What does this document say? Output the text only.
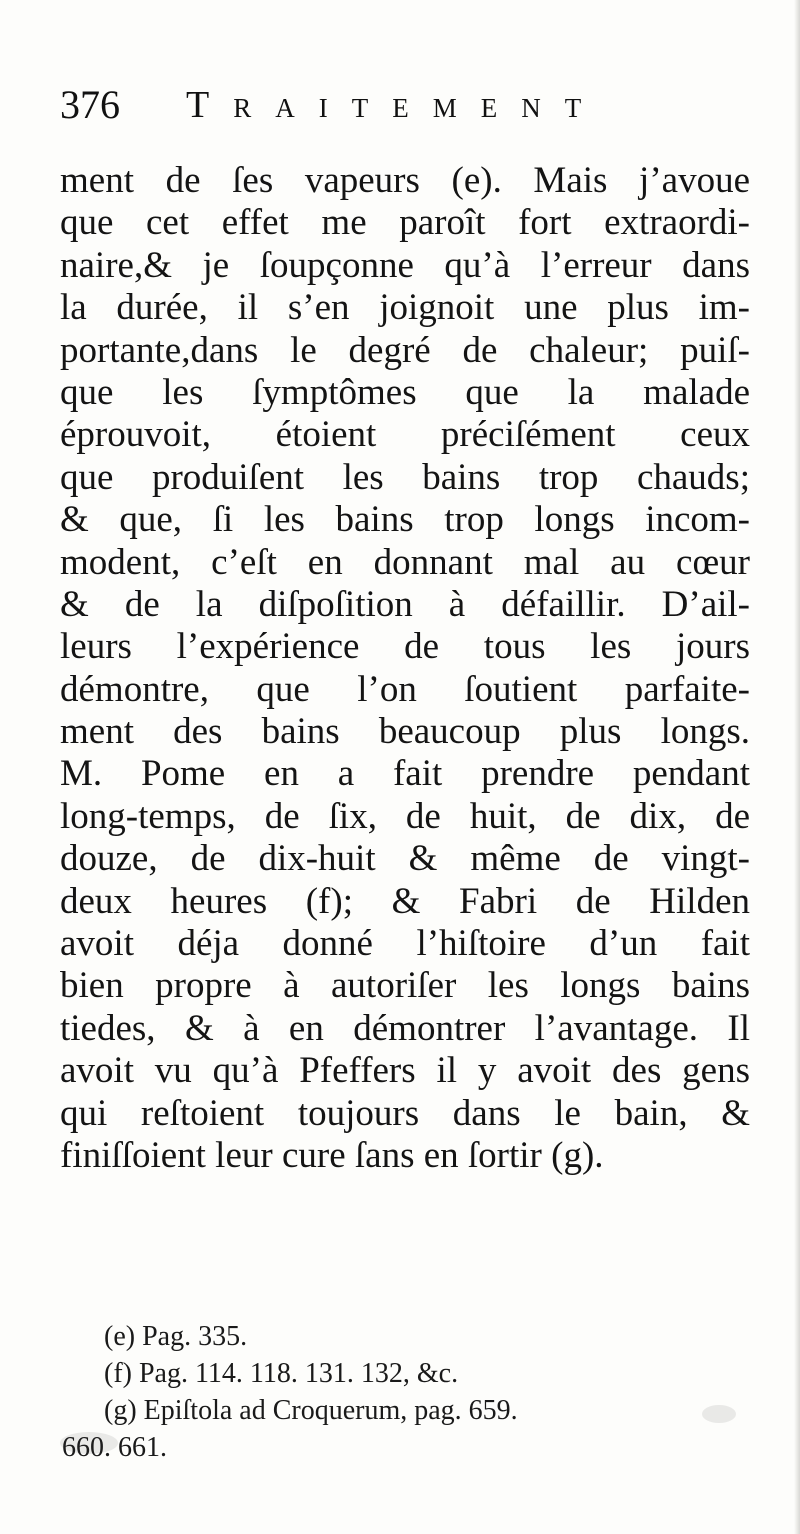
376 Traitement
ment de ſes vapeurs (e). Mais j’avoue
que cet effet me paroît fort extraordi-
naire,& je ſoupçonne qu’à l’erreur dans
la durée, il s’en joignoit une plus im-
portante,dans le degré de chaleur; puiſ-
que les ſymptômes que la malade
éprouvoit, étoient préciſément ceux
que produiſent les bains trop chauds;
& que, ſi les bains trop longs incom-
modent, c’eſt en donnant mal au cœur
& de la diſpoſition à défaillir. D’ail-
leurs l’expérience de tous les jours
démontre, que l’on ſoutient parfaite-
ment des bains beaucoup plus longs.
M. Pome en a fait prendre pendant
long-temps, de ſix, de huit, de dix, de
douze, de dix-huit & même de vingt-
deux heures (f); & Fabri de Hilden
avoit déja donné l’hiſtoire d’un fait
bien propre à autoriſer les longs bains
tiedes, & à en démontrer l’avantage. Il
avoit vu qu’à Pfeffers il y avoit des gens
qui reſtoient toujours dans le bain, &
finiſſoient leur cure ſans en ſortir (g).
(e) Pag. 335.
(f) Pag. 114. 118. 131. 132, &c.
(g) Epiſtola ad Croquerum, pag. 659.
660. 661.
